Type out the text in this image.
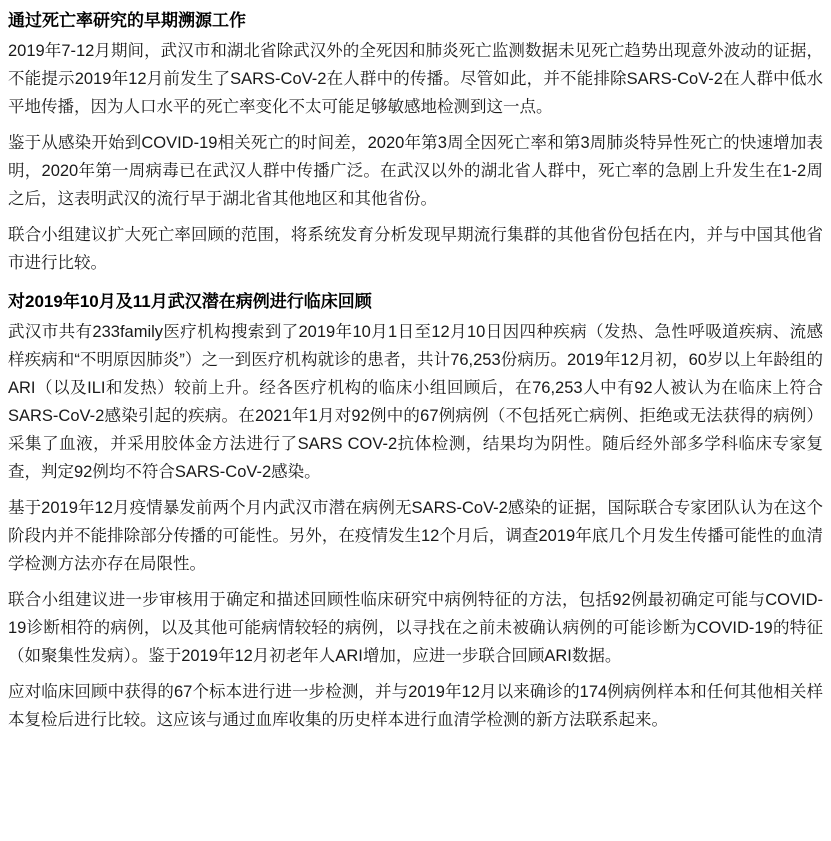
通过死亡率研究的早期溯源工作

2019年7-12月期间，武汉市和湖北省除武汉外的全死因和肺炎死亡监测数据未见死亡趋势出现意外波动的证据，不能提示2019年12月前发生了SARS-CoV-2在人群中的传播。尽管如此，并不能排除SARS-CoV-2在人群中低水平地传播，因为人口水平的死亡率变化不太可能足够敏感地检测到这一点。

鉴于从感染开始到COVID-19相关死亡的时间差，2020年第3周全因死亡率和第3周肺炎特异性死亡的快速增加表明，2020年第一周病毒已在武汉人群中传播广泛。在武汉以外的湖北省人群中，死亡率的急剧上升发生在1-2周之后，这表明武汉的流行早于湖北省其他地区和其他省份。

联合小组建议扩大死亡率回顾的范围，将系统发育分析发现早期流行集群的其他省份包括在内，并与中国其他省市进行比较。

对2019年10月及11月武汉潜在病例进行临床回顾

武汉市共有233family医疗机构搜索到了2019年10月1日至12月10日因四种疾病（发热、急性呼吸道疾病、流感样疾病和“不明原因肺炎”）之一到医疗机构就诊的患者，共计76,253份病历。2019年12月初，60岁以上年龄组的ARI（以及ILI和发热）较前上升。经各医疗机构的临床小组回顾后，在76,253人中有92人被认为在临床上符合SARS-CoV-2感染引起的疾病。在2021年1月对92例中的67例病例（不包括死亡病例、拒绝或无法获得的病例）采集了血液，并采用胶体金方法进行了SARS COV-2抗体检测，结果均为阴性。随后经外部多学科临床专家复查，判定92例均不符合SARS-CoV-2感染。

基于2019年12月疫情暴发前两个月内武汉市潜在病例无SARS-CoV-2感染的证据，国际联合专家团队认为在这个阶段内并不能排除部分传播的可能性。另外，在疫情发生12个月后，调查2019年底几个月发生传播可能性的血清学检测方法亦存在局限性。

联合小组建议进一步审核用于确定和描述回顾性临床研究中病例特征的方法，包括92例最初确定可能与COVID-19诊断相符的病例，以及其他可能病情较轻的病例，以寻找在之前未被确认病例的可能诊断为COVID-19的特征（如聚集性发病）。鉴于2019年12月初老年人ARI增加，应进一步联合回顾ARI数据。

应对临床回顾中获得的67个标本进行进一步检测，并与2019年12月以来确诊的174例病例样本和任何其他相关样本复检后进行比较。这应该与通过血库收集的历史样本进行血清学检测的新方法联系起来。
